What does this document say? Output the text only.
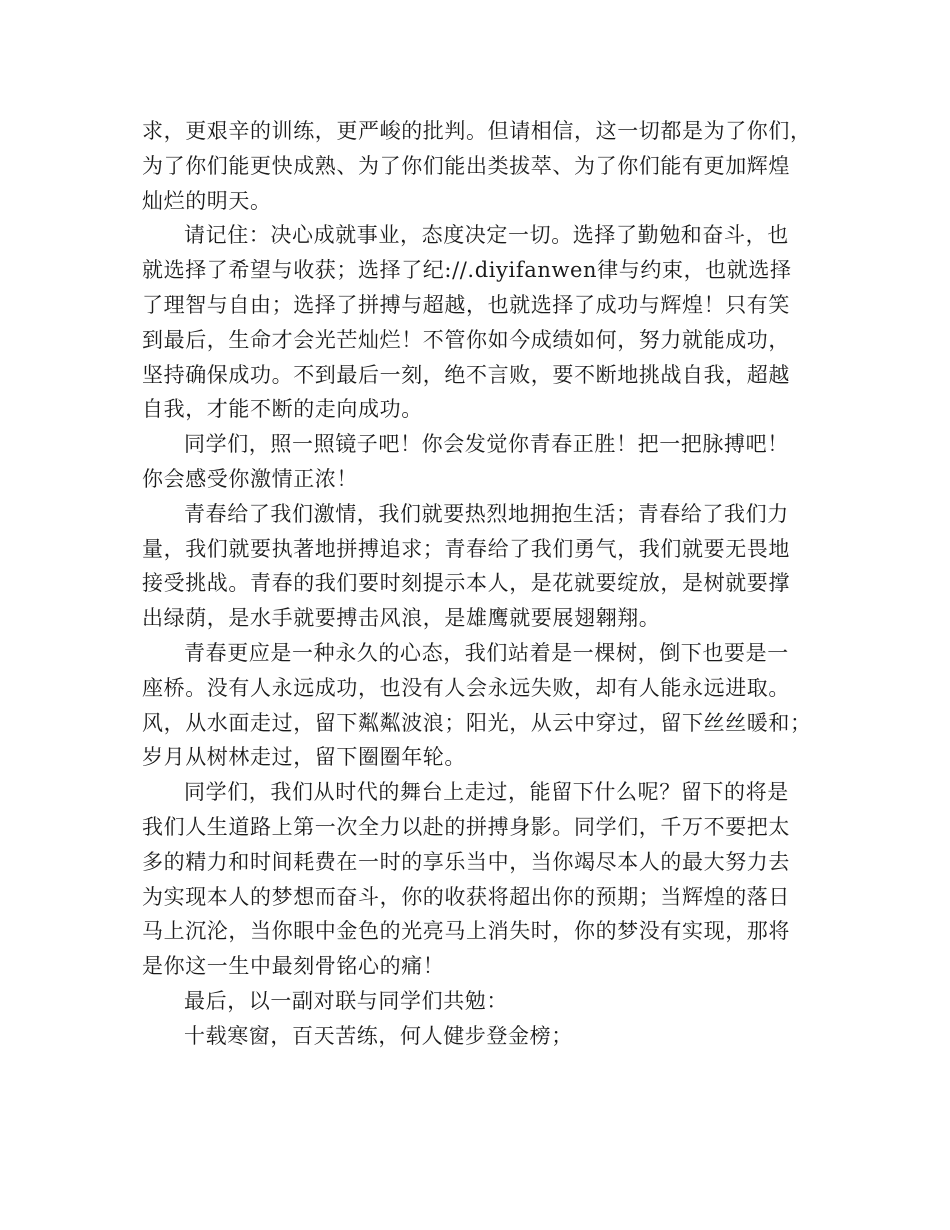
求，更艰辛的训练，更严峻的批判。但请相信，这一切都是为了你们，
为了你们能更快成熟、为了你们能出类拔萃、为了你们能有更加辉煌
灿烂的明天。

请记住：决心成就事业，态度决定一切。选择了勤勉和奋斗，也
就选择了希望与收获；选择了纪://.diyifanwen律与约束，也就选择
了理智与自由；选择了拼搏与超越，也就选择了成功与辉煌！只有笑
到最后，生命才会光芒灿烂！不管你如今成绩如何，努力就能成功，
坚持确保成功。不到最后一刻，绝不言败，要不断地挑战自我，超越
自我，才能不断的走向成功。

同学们，照一照镜子吧！你会发觉你青春正胜！把一把脉搏吧！
你会感受你激情正浓！

青春给了我们激情，我们就要热烈地拥抱生活；青春给了我们力
量，我们就要执著地拼搏追求；青春给了我们勇气，我们就要无畏地
接受挑战。青春的我们要时刻提示本人，是花就要绽放，是树就要撑
出绿荫，是水手就要搏击风浪，是雄鹰就要展翅翱翔。

青春更应是一种永久的心态，我们站着是一棵树，倒下也要是一
座桥。没有人永远成功，也没有人会永远失败，却有人能永远进取。
风，从水面走过，留下粼粼波浪；阳光，从云中穿过，留下丝丝暖和；
岁月从树林走过，留下圈圈年轮。

同学们，我们从时代的舞台上走过，能留下什么呢？留下的将是
我们人生道路上第一次全力以赴的拼搏身影。同学们，千万不要把太
多的精力和时间耗费在一时的享乐当中，当你竭尽本人的最大努力去
为实现本人的梦想而奋斗，你的收获将超出你的预期；当辉煌的落日
马上沉沦，当你眼中金色的光亮马上消失时，你的梦没有实现，那将
是你这一生中最刻骨铭心的痛！

最后，以一副对联与同学们共勉：

十载寒窗，百天苦练，何人健步登金榜；
